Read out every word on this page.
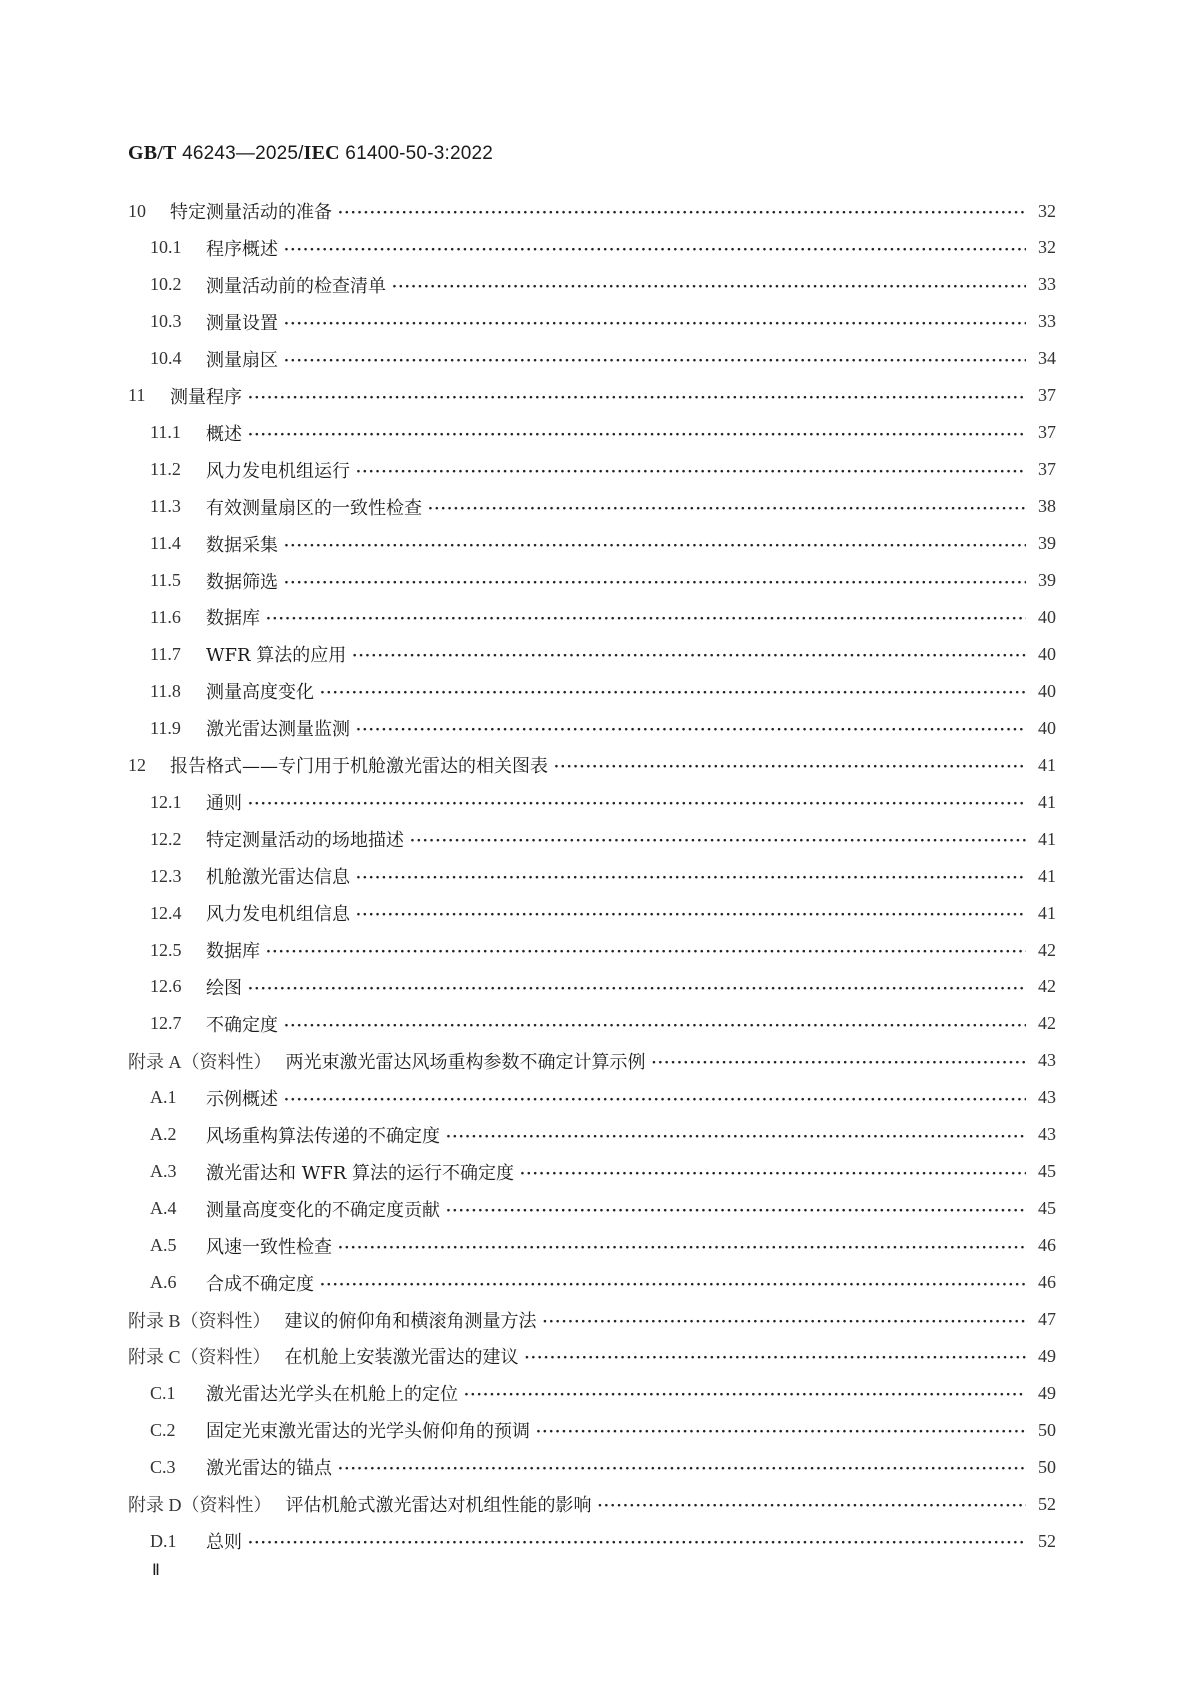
GB/T 46243—2025/IEC 61400-50-3:2022
10	特定测量活动的准备 ·····	32
10.1	程序概述 ·····	32
10.2	测量活动前的检查清单 ·····	33
10.3	测量设置 ·····	33
10.4	测量扇区 ·····	34
11	测量程序 ·····	37
11.1	概述 ·····	37
11.2	风力发电机组运行 ·····	37
11.3	有效测量扇区的一致性检查 ·····	38
11.4	数据采集 ·····	39
11.5	数据筛选 ·····	39
11.6	数据库 ·····	40
11.7	WFR 算法的应用 ·····	40
11.8	测量高度变化 ·····	40
11.9	激光雷达测量监测 ·····	40
12	报告格式——专门用于机舱激光雷达的相关图表 ·····	41
12.1	通则 ·····	41
12.2	特定测量活动的场地描述 ·····	41
12.3	机舱激光雷达信息 ·····	41
12.4	风力发电机组信息 ·····	41
12.5	数据库 ·····	42
12.6	绘图 ·····	42
12.7	不确定度 ·····	42
附录 A（资料性） 两光束激光雷达风场重构参数不确定计算示例 ·····	43
A.1	示例概述 ·····	43
A.2	风场重构算法传递的不确定度 ·····	43
A.3	激光雷达和 WFR 算法的运行不确定度 ·····	45
A.4	测量高度变化的不确定度贡献 ·····	45
A.5	风速一致性检查 ·····	46
A.6	合成不确定度 ·····	46
附录 B（资料性） 建议的俯仰角和横滚角测量方法 ·····	47
附录 C（资料性） 在机舱上安装激光雷达的建议 ·····	49
C.1	激光雷达光学头在机舱上的定位 ·····	49
C.2	固定光束激光雷达的光学头俯仰角的预调 ·····	50
C.3	激光雷达的锚点 ·····	50
附录 D（资料性） 评估机舱式激光雷达对机组性能的影响 ·····	52
D.1	总则 ·····	52
Ⅱ
